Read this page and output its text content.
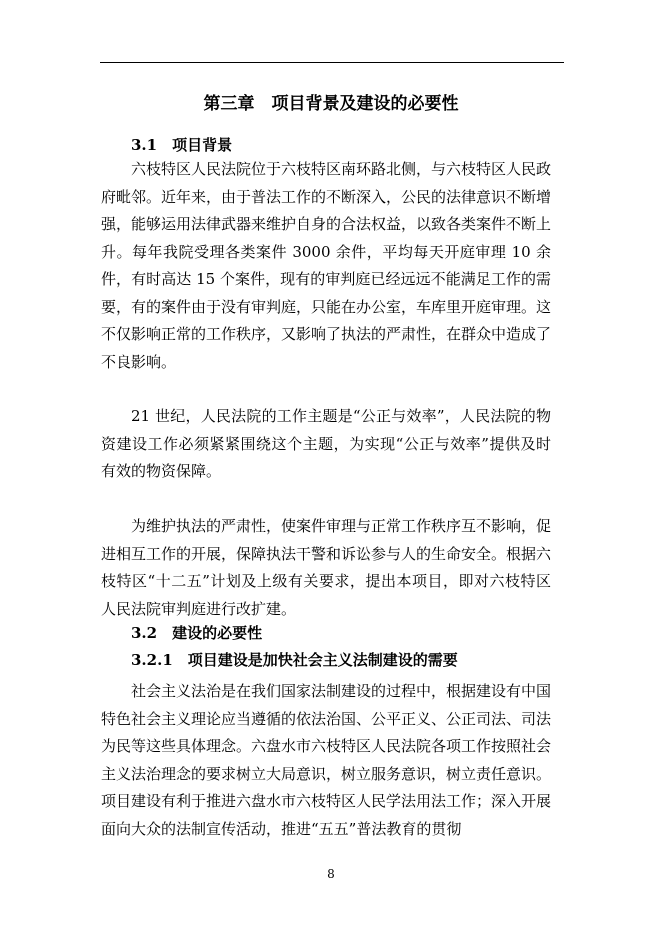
第三章　项目背景及建设的必要性
3.1　项目背景

六枝特区人民法院位于六枝特区南环路北侧，与六枝特区人民政府毗邻。近年来，由于普法工作的不断深入，公民的法律意识不断增强，能够运用法律武器来维护自身的合法权益，以致各类案件不断上升。每年我院受理各类案件 3000 余件，平均每天开庭审理 10 余件，有时高达 15 个案件，现有的审判庭已经远远不能满足工作的需要，有的案件由于没有审判庭，只能在办公室，车库里开庭审理。这不仅影响正常的工作秩序，又影响了执法的严肃性，在群众中造成了不良影响。

21 世纪，人民法院的工作主题是“公正与效率”，人民法院的物资建设工作必须紧紧围绕这个主题，为实现“公正与效率”提供及时有效的物资保障。

为维护执法的严肃性，使案件审理与正常工作秩序互不影响，促进相互工作的开展，保障执法干警和诉讼参与人的生命安全。根据六枝特区“十二五”计划及上级有关要求，提出本项目，即对六枝特区人民法院审判庭进行改扩建。

3.2　建设的必要性
3.2.1　项目建设是加快社会主义法制建设的需要

社会主义法治是在我们国家法制建设的过程中，根据建设有中国特色社会主义理论应当遵循的依法治国、公平正义、公正司法、司法为民等这些具体理念。六盘水市六枝特区人民法院各项工作按照社会主义法治理念的要求树立大局意识，树立服务意识，树立责任意识。项目建设有利于推进六盘水市六枝特区人民学法用法工作；深入开展面向大众的法制宣传活动，推进“五五”普法教育的贯彻

8
